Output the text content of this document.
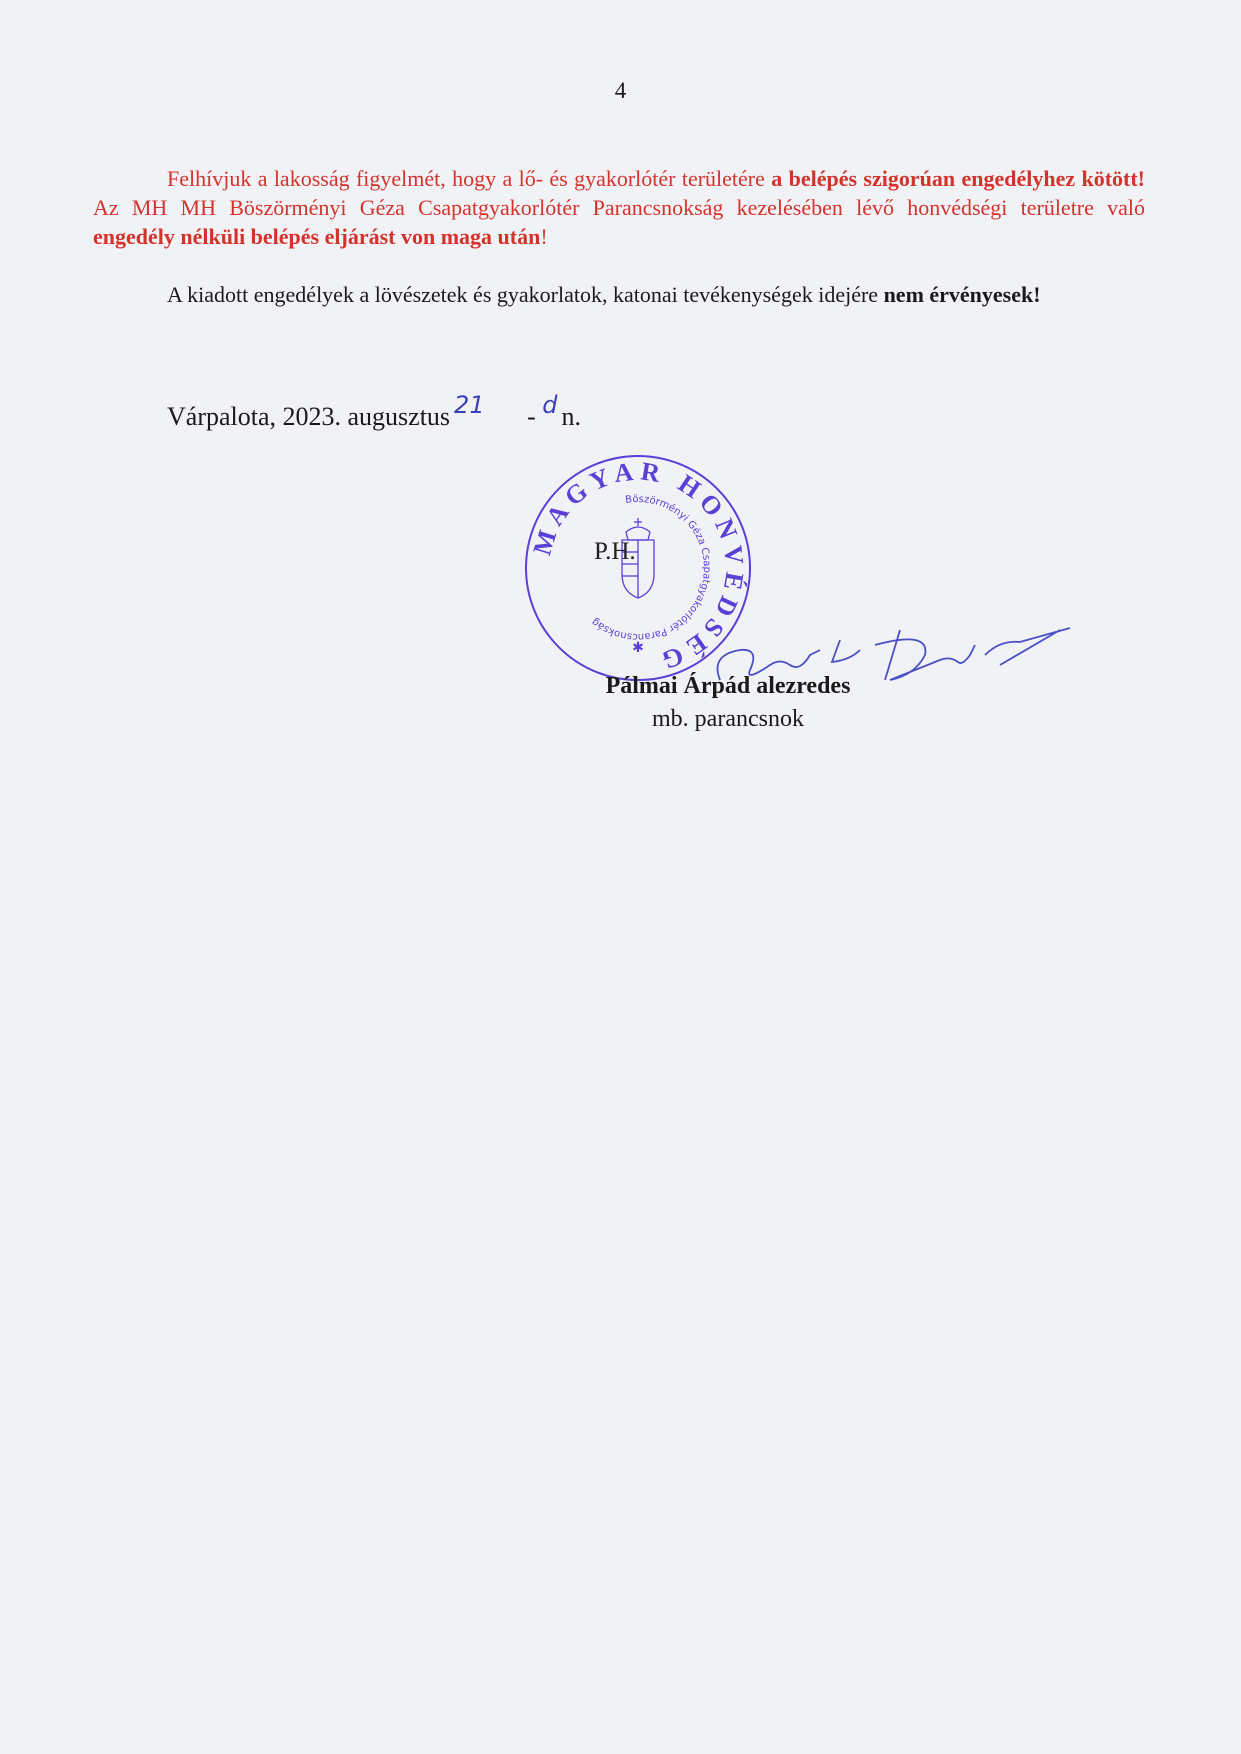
4
Felhívjuk a lakosság figyelmét, hogy a lő- és gyakorlótér területére a belépés szigorúan engedélyhez kötött! Az MH MH Böszörményi Géza Csapatgyakorlótér Parancsnokság kezelésében lévő honvédségi területre való engedély nélküli belépés eljárást von maga után!
A kiadott engedélyek a lövészetek és gyakorlatok, katonai tevékenységek idejére nem érvényesek!
Várpalota, 2023. augusztus 21 - d n.
MAGYAR HONVÉDSÉG
Böszörményi Géza Csapatgyakorlótér Parancsnokság
✱
P.H.
Pálmai Árpád alezredes
mb. parancsnok
